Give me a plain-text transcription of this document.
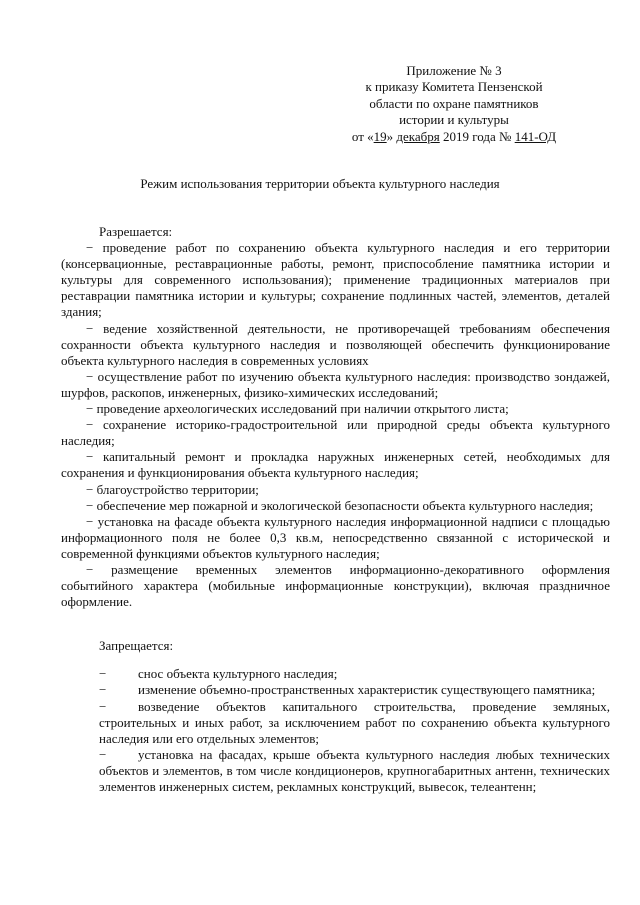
Приложение № 3
к приказу Комитета Пензенской
области по охране памятников
истории и культуры
от «19» декабря 2019 года № 141-ОД
Режим использования территории объекта культурного наследия

Разрешается:

− проведение работ по сохранению объекта культурного наследия и его территории (консервационные, реставрационные работы, ремонт, приспособление памятника истории и культуры для современного использования); применение традиционных материалов при реставрации памятника истории и культуры; сохранение подлинных частей, элементов, деталей здания;

− ведение хозяйственной деятельности, не противоречащей требованиям обеспечения сохранности объекта культурного наследия и позволяющей обеспечить функционирование объекта культурного наследия в современных условиях

− осуществление работ по изучению объекта культурного наследия: производство зондажей, шурфов, раскопов, инженерных, физико-химических исследований;

− проведение археологических исследований при наличии открытого листа;

− сохранение историко-градостроительной или природной среды объекта культурного наследия;

− капитальный ремонт и прокладка наружных инженерных сетей, необходимых для сохранения и функционирования объекта культурного наследия;

− благоустройство территории;

− обеспечение мер пожарной и экологической безопасности объекта культурного наследия;

− установка на фасаде объекта культурного наследия информационной надписи с площадью информационного поля не более 0,3 кв.м, непосредственно связанной с исторической и современной функциями объектов культурного наследия;

− размещение временных элементов информационно-декоративного оформления событийного характера (мобильные информационные конструкции), включая праздничное оформление.

Запрещается:

− снос объекта культурного наследия;

− изменение объемно-пространственных характеристик существующего памятника;

− возведение объектов капитального строительства, проведение земляных, строительных и иных работ, за исключением работ по сохранению объекта культурного наследия или его отдельных элементов;

− установка на фасадах, крыше объекта культурного наследия любых технических объектов и элементов, в том числе кондиционеров, крупногабаритных антенн, технических элементов инженерных систем, рекламных конструкций, вывесок, телеантенн;
